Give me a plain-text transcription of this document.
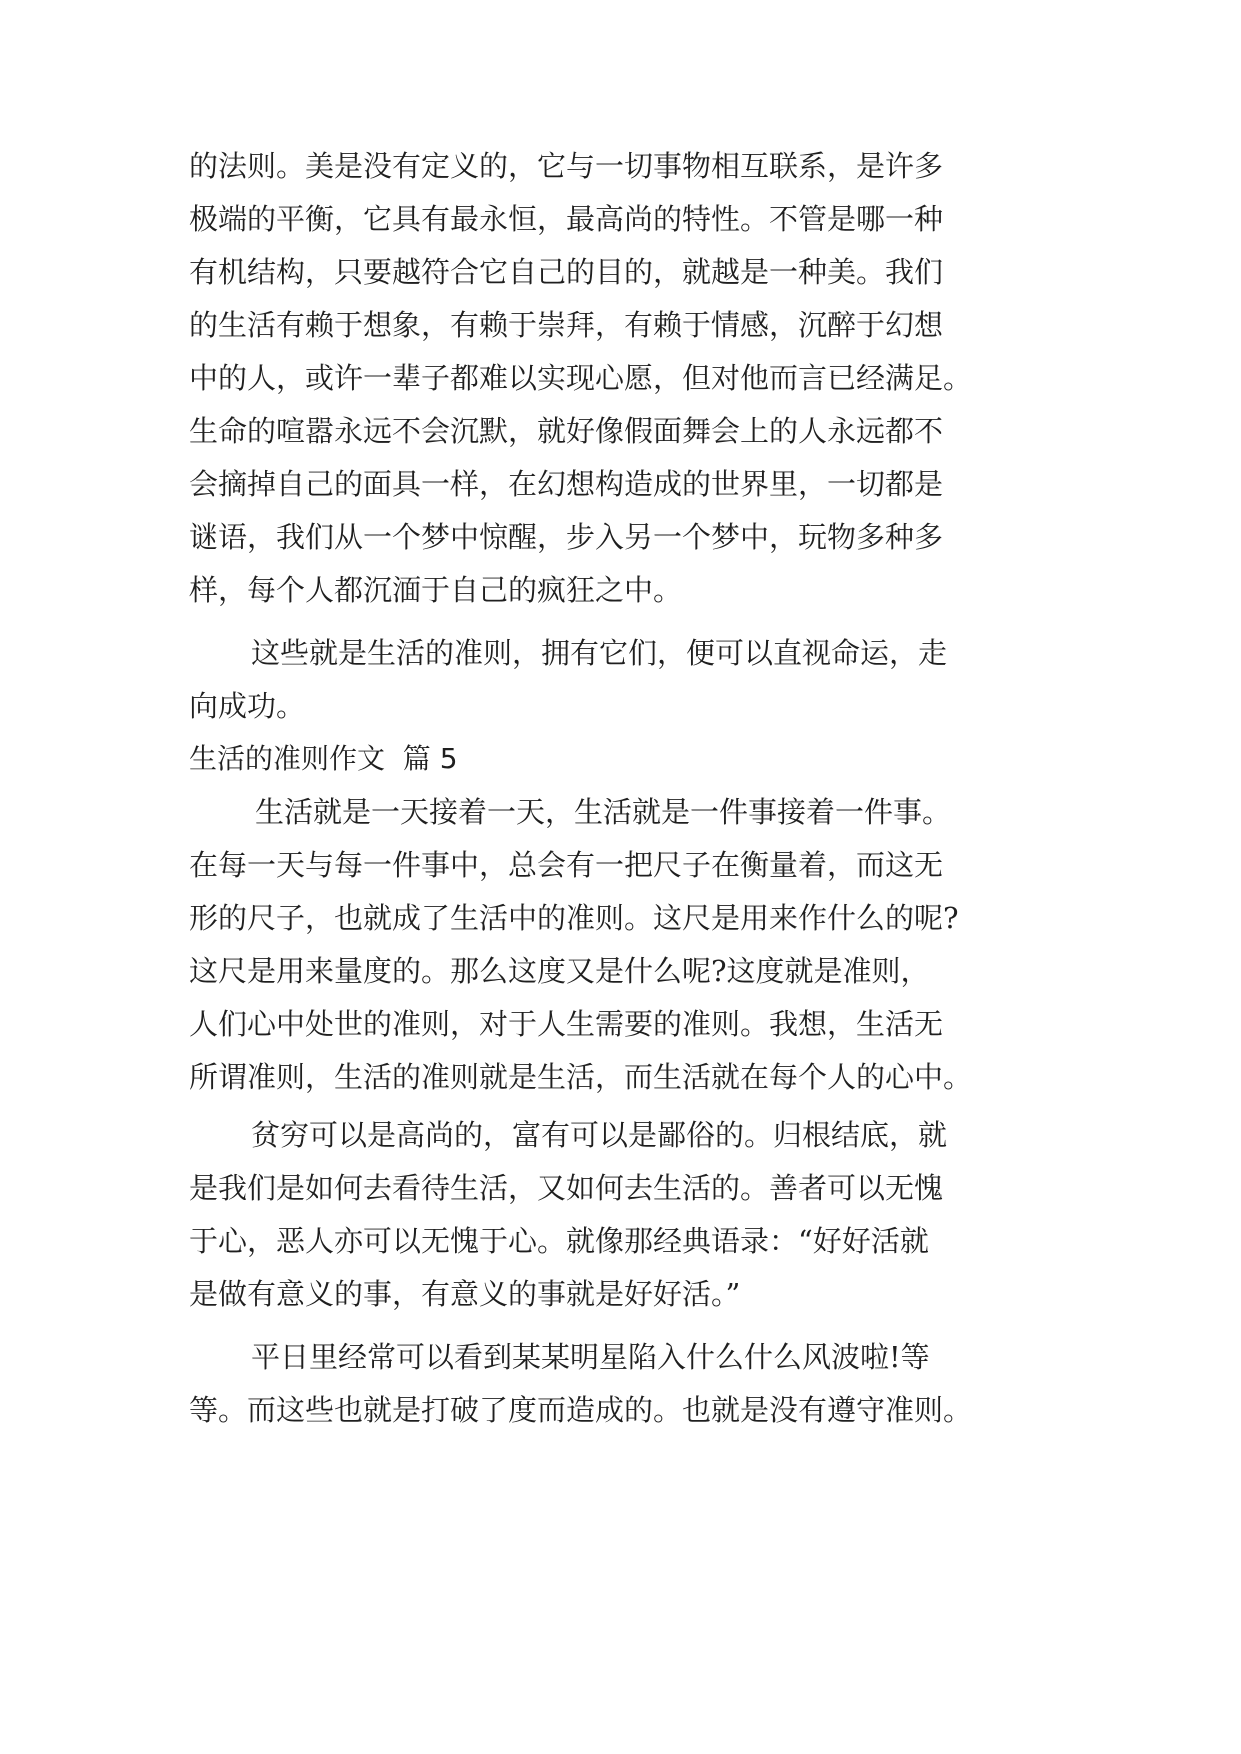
的法则。美是没有定义的，它与一切事物相互联系，是许多
极端的平衡，它具有最永恒，最高尚的特性。不管是哪一种
有机结构，只要越符合它自己的目的，就越是一种美。我们
的生活有赖于想象，有赖于崇拜，有赖于情感，沉醉于幻想
中的人，或许一辈子都难以实现心愿，但对他而言已经满足。
生命的喧嚣永远不会沉默，就好像假面舞会上的人永远都不
会摘掉自己的面具一样，在幻想构造成的世界里，一切都是
谜语，我们从一个梦中惊醒，步入另一个梦中，玩物多种多
样，每个人都沉湎于自己的疯狂之中。
这些就是生活的准则，拥有它们，便可以直视命运，走
向成功。
生活的准则作文  篇 5
生活就是一天接着一天，生活就是一件事接着一件事。
在每一天与每一件事中，总会有一把尺子在衡量着，而这无
形的尺子，也就成了生活中的准则。这尺是用来作什么的呢?
这尺是用来量度的。那么这度又是什么呢?这度就是准则，
人们心中处世的准则，对于人生需要的准则。我想，生活无
所谓准则，生活的准则就是生活，而生活就在每个人的心中。
贫穷可以是高尚的，富有可以是鄙俗的。归根结底，就
是我们是如何去看待生活，又如何去生活的。善者可以无愧
于心，恶人亦可以无愧于心。就像那经典语录：“好好活就
是做有意义的事，有意义的事就是好好活。”
平日里经常可以看到某某明星陷入什么什么风波啦!等
等。而这些也就是打破了度而造成的。也就是没有遵守准则。
